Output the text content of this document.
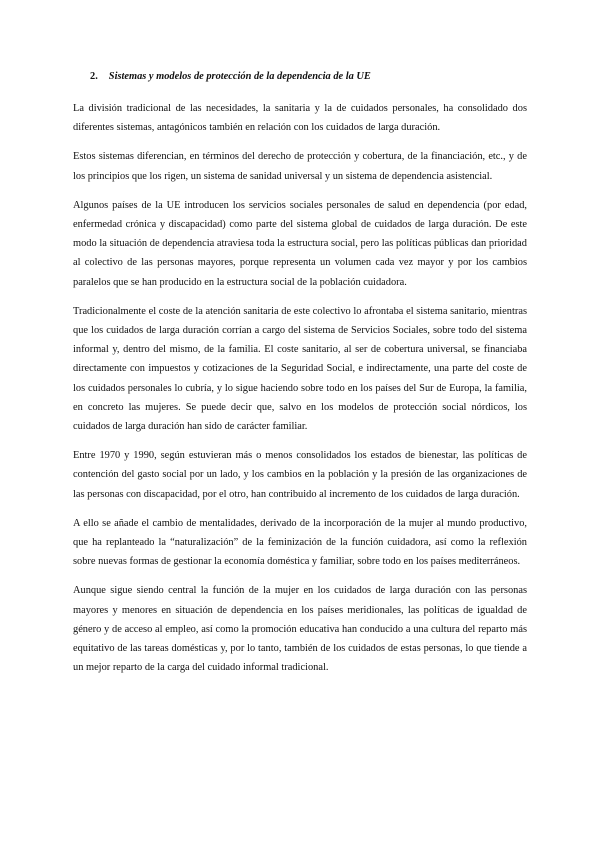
2. Sistemas y modelos de protección de la dependencia de la UE

La división tradicional de las necesidades, la sanitaria y la de cuidados personales, ha consolidado dos diferentes sistemas, antagónicos también en relación con los cuidados de larga duración.

Estos sistemas diferencian, en términos del derecho de protección y cobertura, de la financiación, etc., y de los principios que los rigen, un sistema de sanidad universal y un sistema de dependencia asistencial.

Algunos países de la UE introducen los servicios sociales personales de salud en dependencia (por edad, enfermedad crónica y discapacidad) como parte del sistema global de cuidados de larga duración. De este modo la situación de dependencia atraviesa toda la estructura social, pero las políticas públicas dan prioridad al colectivo de las personas mayores, porque representa un volumen cada vez mayor y por los cambios paralelos que se han producido en la estructura social de la población cuidadora.

Tradicionalmente el coste de la atención sanitaria de este colectivo lo afrontaba el sistema sanitario, mientras que los cuidados de larga duración corrían a cargo del sistema de Servicios Sociales, sobre todo del sistema informal y, dentro del mismo, de la familia. El coste sanitario, al ser de cobertura universal, se financiaba directamente con impuestos y cotizaciones de la Seguridad Social, e indirectamente, una parte del coste de los cuidados personales lo cubría, y lo sigue haciendo sobre todo en los países del Sur de Europa, la familia, en concreto las mujeres. Se puede decir que, salvo en los modelos de protección social nórdicos, los cuidados de larga duración han sido de carácter familiar.

Entre 1970 y 1990, según estuvieran más o menos consolidados los estados de bienestar, las políticas de contención del gasto social por un lado, y los cambios en la población y la presión de las organizaciones de las personas con discapacidad, por el otro, han contribuido al incremento de los cuidados de larga duración.

A ello se añade el cambio de mentalidades, derivado de la incorporación de la mujer al mundo productivo, que ha replanteado la “naturalización” de la feminización de la función cuidadora, así como la reflexión sobre nuevas formas de gestionar la economía doméstica y familiar, sobre todo en los países mediterráneos.

Aunque sigue siendo central la función de la mujer en los cuidados de larga duración con las personas mayores y menores en situación de dependencia en los países meridionales, las políticas de igualdad de género y de acceso al empleo, así como la promoción educativa han conducido a una cultura del reparto más equitativo de las tareas domésticas y, por lo tanto, también de los cuidados de estas personas, lo que tiende a un mejor reparto de la carga del cuidado informal tradicional.
